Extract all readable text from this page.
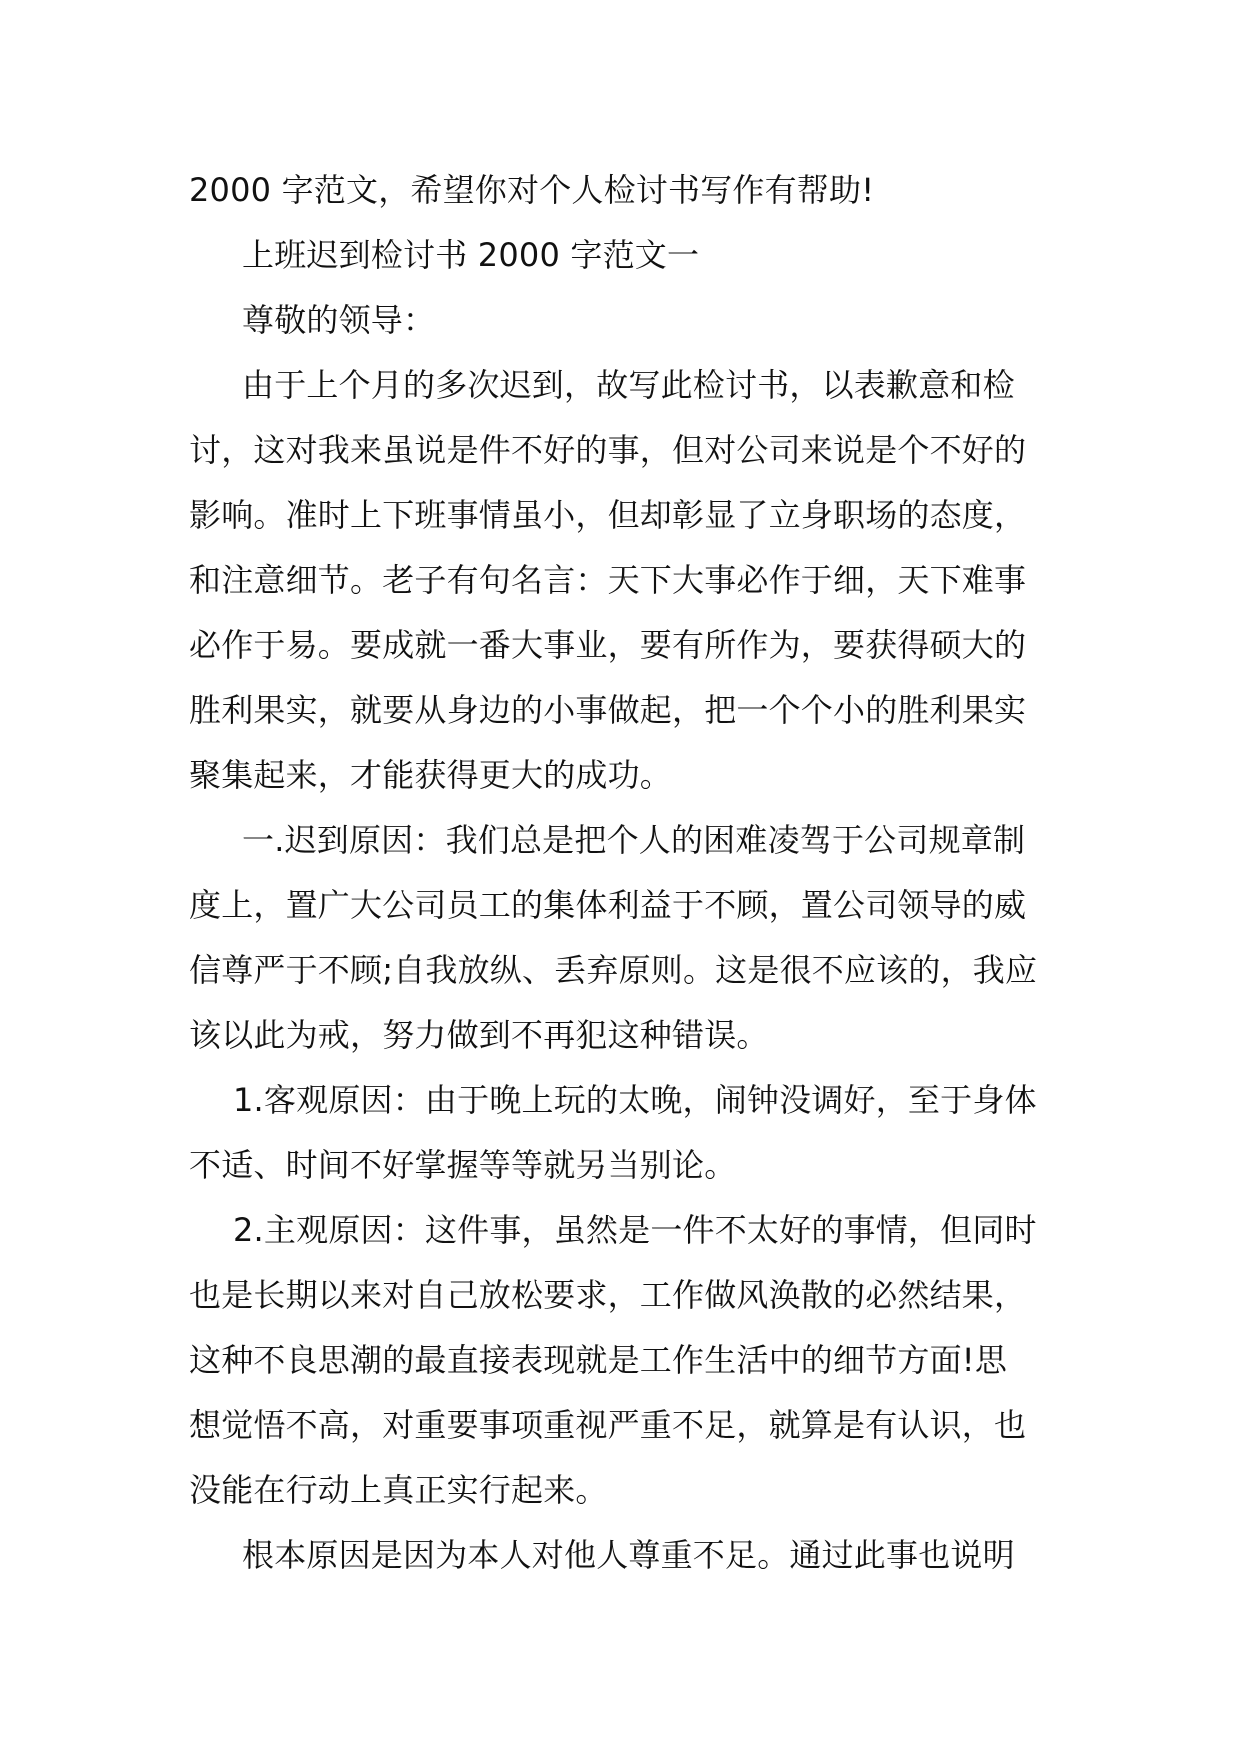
2000 字范文，希望你对个人检讨书写作有帮助!
上班迟到检讨书 2000 字范文一
尊敬的领导：
由于上个月的多次迟到，故写此检讨书，以表歉意和检
讨，这对我来虽说是件不好的事，但对公司来说是个不好的
影响。准时上下班事情虽小，但却彰显了立身职场的态度，
和注意细节。老子有句名言：天下大事必作于细，天下难事
必作于易。要成就一番大事业，要有所作为，要获得硕大的
胜利果实，就要从身边的小事做起，把一个个小的胜利果实
聚集起来，才能获得更大的成功。
一.迟到原因：我们总是把个人的困难凌驾于公司规章制
度上，置广大公司员工的集体利益于不顾，置公司领导的威
信尊严于不顾;自我放纵、丢弃原则。这是很不应该的，我应
该以此为戒，努力做到不再犯这种错误。
1.客观原因：由于晚上玩的太晚，闹钟没调好，至于身体
不适、时间不好掌握等等就另当别论。
2.主观原因：这件事，虽然是一件不太好的事情，但同时
也是长期以来对自己放松要求，工作做风涣散的必然结果，
这种不良思潮的最直接表现就是工作生活中的细节方面!思
想觉悟不高，对重要事项重视严重不足，就算是有认识，也
没能在行动上真正实行起来。
根本原因是因为本人对他人尊重不足。通过此事也说明
